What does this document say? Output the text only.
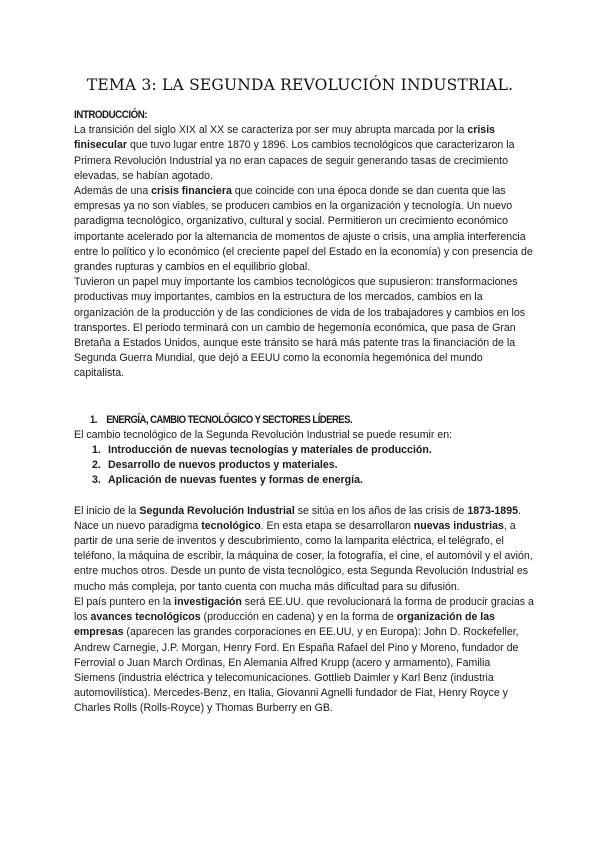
TEMA 3: LA SEGUNDA REVOLUCIÓN INDUSTRIAL.

INTRODUCCIÓN:

La transición del siglo XIX al XX se caracteriza por ser muy abrupta marcada por la crisis finisecular que tuvo lugar entre 1870 y 1896. Los cambios tecnológicos que caracterizaron la Primera Revolución Industrial ya no eran capaces de seguir generando tasas de crecimiento elevadas, se habían agotado.

Además de una crisis financiera que coincide con una época donde se dan cuenta que las empresas ya no son viables, se producen cambios en la organización y tecnología. Un nuevo paradigma tecnológico, organizativo, cultural y social. Permitieron un crecimiento económico importante acelerado por la alternancia de momentos de ajuste o crisis, una amplia interferencia entre lo político y lo económico (el creciente papel del Estado en la economía) y con presencia de grandes rupturas y cambios en el equilibrio global.

Tuvieron un papel muy importante los cambios tecnológicos que supusieron: transformaciones productivas muy importantes, cambios en la estructura de los mercados, cambios en la organización de la producción y de las condiciones de vida de los trabajadores y cambios en los transportes. El periodo terminará con un cambio de hegemonía económica, que pasa de Gran Bretaña a Estados Unidos, aunque este tránsito se hará más patente tras la financiación de la Segunda Guerra Mundial, que dejó a EEUU como la economía hegemónica del mundo capitalista.

1. ENERGÍA, CAMBIO TECNOLÓGICO Y SECTORES LÍDERES.

El cambio tecnológico de la Segunda Revolución Industrial se puede resumir en:

1. Introducción de nuevas tecnologías y materiales de producción.
2. Desarrollo de nuevos productos y materiales.
3. Aplicación de nuevas fuentes y formas de energía.

El inicio de la Segunda Revolución Industrial se sitúa en los años de las crisis de 1873-1895.

Nace un nuevo paradigma tecnológico. En esta etapa se desarrollaron nuevas industrias, a partir de una serie de inventos y descubrimiento, como la lamparita eléctrica, el telégrafo, el teléfono, la máquina de escribir, la máquina de coser, la fotografía, el cine, el automóvil y el avión, entre muchos otros. Desde un punto de vista tecnológico, esta Segunda Revolución Industrial es mucho más compleja, por tanto cuenta con mucha más dificultad para su difusión.

El país puntero en la investigación será EE.UU. que revolucionará la forma de producir gracias a los avances tecnológicos (producción en cadena) y en la forma de organización de las empresas (aparecen las grandes corporaciones en EE.UU, y en Europa): John D. Rockefeller, Andrew Carnegie, J.P. Morgan, Henry Ford. En España Rafael del Pino y Moreno, fundador de Ferrovial o Juan March Ordinas, En Alemania Alfred Krupp (acero y armamento), Familia Siemens (industria eléctrica y telecomunicaciones. Gottlieb Daimler y Karl Benz (industria automovilística). Mercedes-Benz, en Italia, Giovanni Agnelli fundador de Fiat, Henry Royce y Charles Rolls (Rolls-Royce) y Thomas Burberry en GB.
